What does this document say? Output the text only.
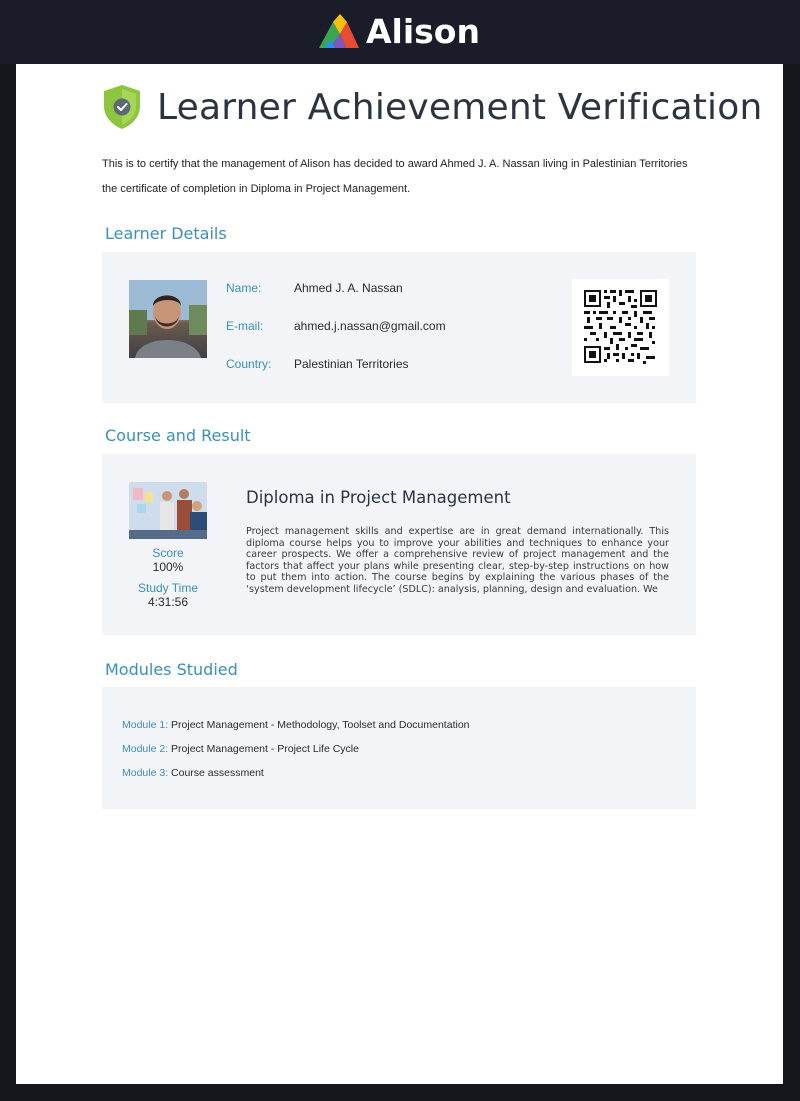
Alison
Learner Achievement Verification
This is to certify that the management of Alison has decided to award Ahmed J. A. Nassan living in Palestinian Territories
the certificate of completion in Diploma in Project Management.
Learner Details
Name:	Ahmed J. A. Nassan
E-mail:	ahmed.j.nassan@gmail.com
Country: Palestinian Territories
Course and Result
Score
100%
Study Time
4:31:56
Diploma in Project Management
Project management skills and expertise are in great demand internationally. This diploma course helps you to improve your abilities and techniques to enhance your career prospects. We offer a comprehensive review of project management and the factors that affect your plans while presenting clear, step-by-step instructions on how to put them into action. The course begins by explaining the various phases of the ‘system development lifecycle’ (SDLC): analysis, planning, design and evaluation. We
Modules Studied
Module 1: Project Management - Methodology, Toolset and Documentation
Module 2: Project Management - Project Life Cycle
Module 3: Course assessment
